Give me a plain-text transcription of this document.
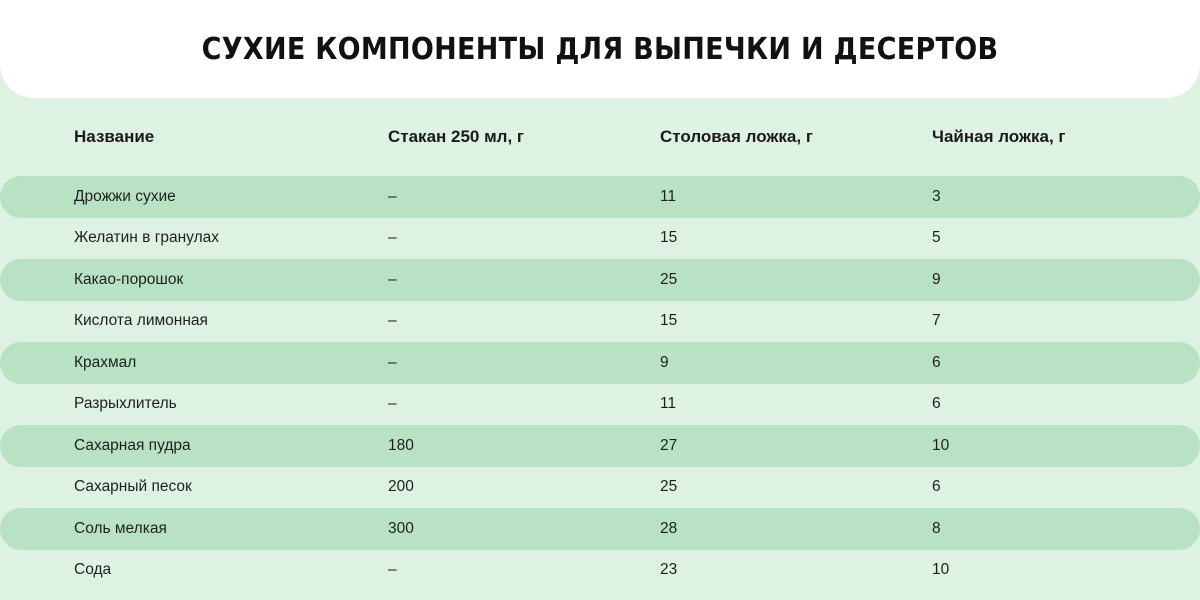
СУХИЕ КОМПОНЕНТЫ ДЛЯ ВЫПЕЧКИ И ДЕСЕРТОВ
	Название	Стакан 250 мл, г	Столовая ложка, г	Чайная ложка, г	
	Дрожжи сухие	–	11	3	
	Желатин в гранулах	–	15	5	
	Какао-порошок	–	25	9	
	Кислота лимонная	–	15	7	
	Крахмал	–	9	6	
	Разрыхлитель	–	11	6	
	Сахарная пудра	180	27	10	
	Сахарный песок	200	25	6	
	Соль мелкая	300	28	8	
	Сода	–	23	10	
